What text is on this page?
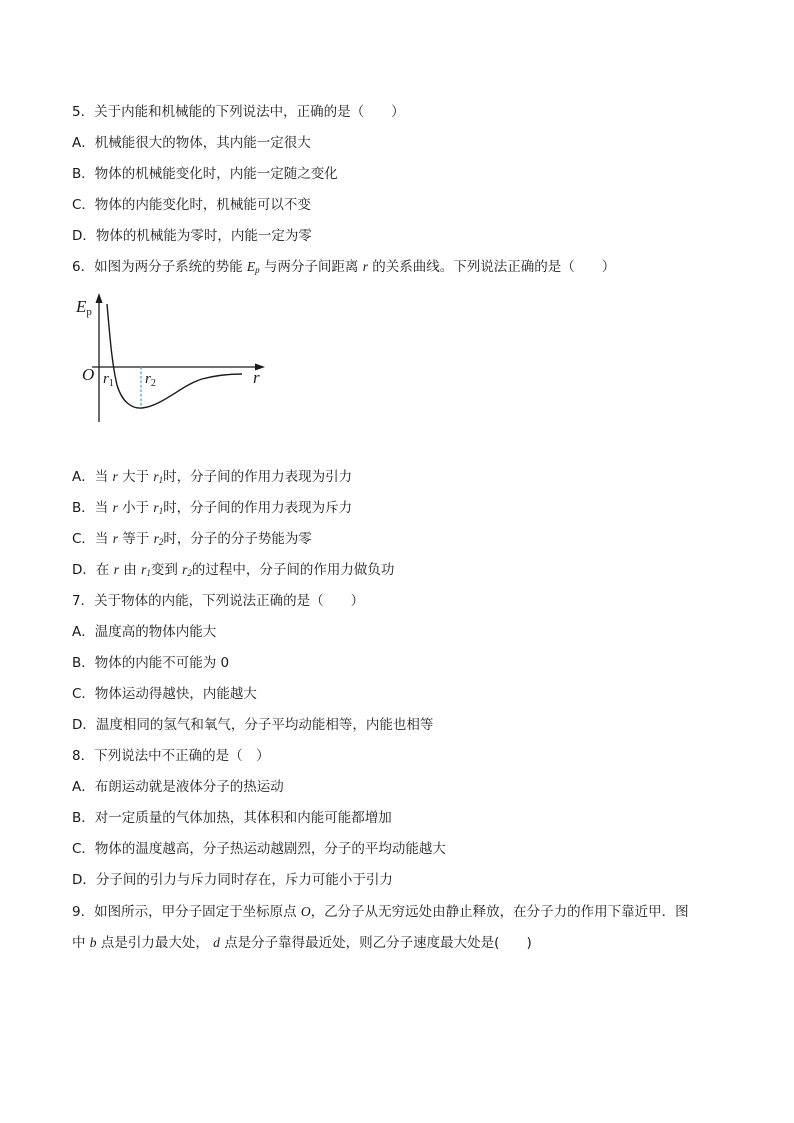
5．关于内能和机械能的下列说法中，正确的是（　　）
A．机械能很大的物体，其内能一定很大
B．物体的机械能变化时，内能一定随之变化
C．物体的内能变化时，机械能可以不变
D．物体的机械能为零时，内能一定为零
6．如图为两分子系统的势能 $E_p$ 与两分子间距离 r 的关系曲线。下列说法正确的是（　　）
Ep
O $r_1$ $r_2$	r
A．当 r 大于 $r_1$时，分子间的作用力表现为引力
B．当 r 小于 $r_1$时，分子间的作用力表现为斥力
C．当 r 等于 $r_2$时，分子的分子势能为零
D．在 r 由 $r_1$变到 $r_2$的过程中，分子间的作用力做负功
7．关于物体的内能，下列说法正确的是（　　）
A．温度高的物体内能大
B．物体的内能不可能为 0
C．物体运动得越快，内能越大
D．温度相同的氢气和氧气，分子平均动能相等，内能也相等
8．下列说法中不正确的是（　）
A．布朗运动就是液体分子的热运动
B．对一定质量的气体加热，其体积和内能可能都增加
C．物体的温度越高，分子热运动越剧烈，分子的平均动能越大
D．分子间的引力与斥力同时存在，斥力可能小于引力
9．如图所示，甲分子固定于坐标原点 O，乙分子从无穷远处由静止释放，在分子力的作用下靠近甲．图
中 b 点是引力最大处， d 点是分子靠得最近处，则乙分子速度最大处是(　　)
